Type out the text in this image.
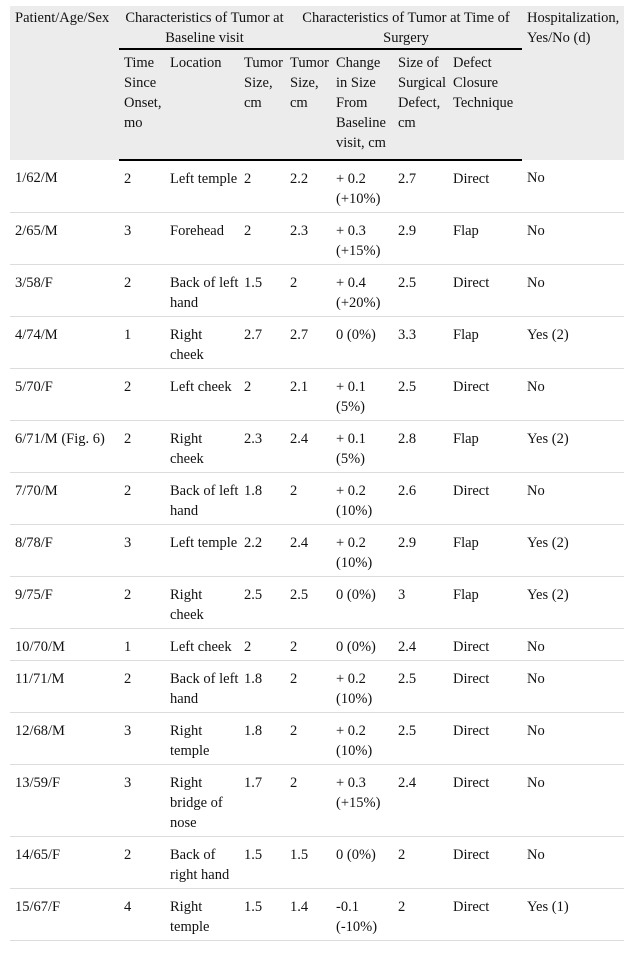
Patient/Age/Sex	Characteristics of Tumor at Baseline visit			Characteristics of Tumor at Time of Surgery				Hospitalization, Yes/No (d)
	Time Since Onset, mo	Location	Tumor Size, cm	Tumor Size, cm	Change in Size From Baseline visit, cm	Size of Surgical Defect, cm	Defect Closure Technique	
1/62/M	2	Left temple	2	2.2	+ 0.2 (+10%)	2.7	Direct	No
2/65/M	3	Forehead	2	2.3	+ 0.3 (+15%)	2.9	Flap	No
3/58/F	2	Back of left hand	1.5	2	+ 0.4 (+20%)	2.5	Direct	No
4/74/M	1	Right cheek	2.7	2.7	0 (0%)	3.3	Flap	Yes (2)
5/70/F	2	Left cheek	2	2.1	+ 0.1 (5%)	2.5	Direct	No
6/71/M (Fig. 6)	2	Right cheek	2.3	2.4	+ 0.1 (5%)	2.8	Flap	Yes (2)
7/70/M	2	Back of left hand	1.8	2	+ 0.2 (10%)	2.6	Direct	No
8/78/F	3	Left temple	2.2	2.4	+ 0.2 (10%)	2.9	Flap	Yes (2)
9/75/F	2	Right cheek	2.5	2.5	0 (0%)	3	Flap	Yes (2)
10/70/M	1	Left cheek	2	2	0 (0%)	2.4	Direct	No
11/71/M	2	Back of left hand	1.8	2	+ 0.2 (10%)	2.5	Direct	No
12/68/M	3	Right temple	1.8	2	+ 0.2 (10%)	2.5	Direct	No
13/59/F	3	Right bridge of nose	1.7	2	+ 0.3 (+15%)	2.4	Direct	No
14/65/F	2	Back of right hand	1.5	1.5	0 (0%)	2	Direct	No
15/67/F	4	Right temple	1.5	1.4	-0.1 (-10%)	2	Direct	Yes (1)
